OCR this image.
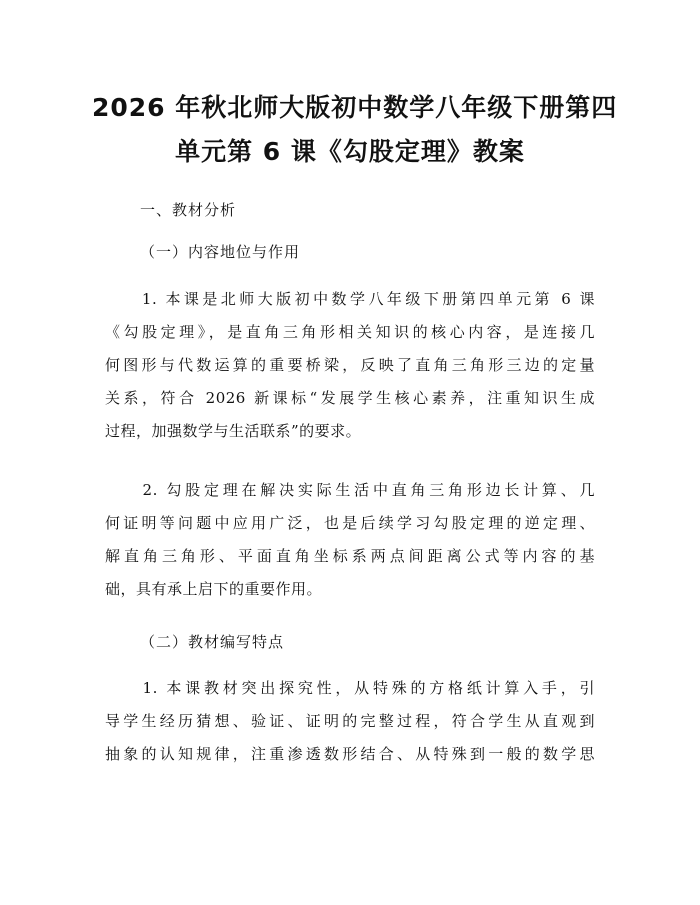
2026 年秋北师大版初中数学八年级下册第四
单元第 6 课《勾股定理》教案
一、教材分析
（一）内容地位与作用
　　1. 本课是北师大版初中数学八年级下册第四单元第 6 课
《勾股定理》，是直角三角形相关知识的核心内容，是连接几
何图形与代数运算的重要桥梁，反映了直角三角形三边的定量
关系，符合 2026 新课标“发展学生核心素养，注重知识生成
过程，加强数学与生活联系”的要求。
　　2. 勾股定理在解决实际生活中直角三角形边长计算、几
何证明等问题中应用广泛，也是后续学习勾股定理的逆定理、
解直角三角形、平面直角坐标系两点间距离公式等内容的基
础，具有承上启下的重要作用。
（二）教材编写特点
　　1. 本课教材突出探究性，从特殊的方格纸计算入手，引
导学生经历猜想、验证、证明的完整过程，符合学生从直观到
抽象的认知规律，注重渗透数形结合、从特殊到一般的数学思
